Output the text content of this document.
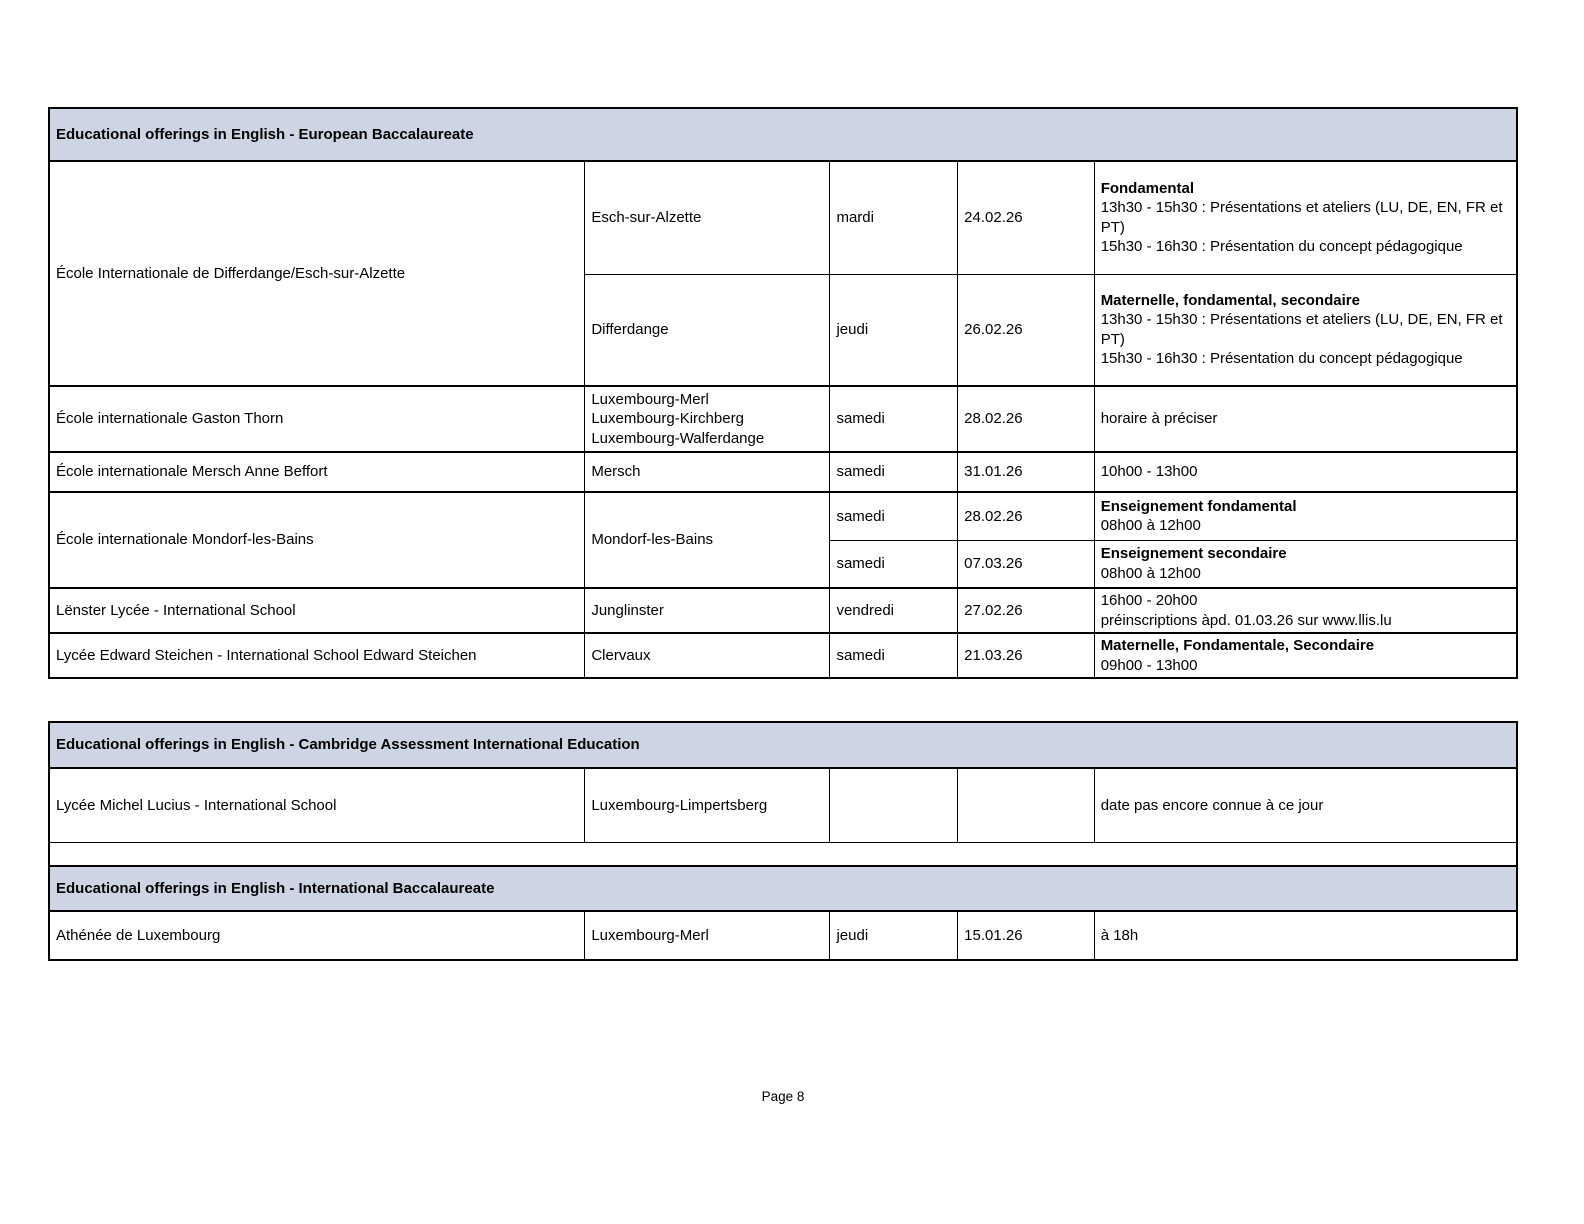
Educational offerings in English - European Baccalaureate				
École Internationale de Differdange/Esch-sur-Alzette	Esch-sur-Alzette	mardi	24.02.26	Fondamental
13h30 - 15h30 : Présentations et ateliers (LU, DE, EN, FR et PT)
15h30 - 16h30 : Présentation du concept pédagogique

	Differdange	jeudi	26.02.26	Maternelle, fondamental, secondaire
13h30 - 15h30 : Présentations et ateliers (LU, DE, EN, FR et PT)
15h30 - 16h30 : Présentation du concept pédagogique

École internationale Gaston Thorn	Luxembourg-Merl
Luxembourg-Kirchberg
Luxembourg-Walferdange	samedi	28.02.26	horaire à préciser
École internationale Mersch Anne Beffort	Mersch	samedi	31.01.26	10h00 - 13h00
École internationale Mondorf-les-Bains	Mondorf-les-Bains	samedi	28.02.26	Enseignement fondamental
08h00 à 12h00

		samedi	07.03.26	Enseignement secondaire
08h00 à 12h00

Lënster Lycée - International School	Junglinster	vendredi	27.02.26	16h00 - 20h00
préinscriptions àpd. 01.03.26 sur www.llis.lu

Lycée Edward Steichen - International School Edward Steichen	Clervaux	samedi	21.03.26	Maternelle, Fondamentale, Secondaire
09h00 - 13h00
Educational offerings in English - Cambridge Assessment International Education				
Lycée Michel Lucius - International School	Luxembourg-Limpertsberg			date pas encore connue à ce jour

Educational offerings in English - International Baccalaureate				
Athénée de Luxembourg	Luxembourg-Merl	jeudi	15.01.26	à 18h
Page 8
